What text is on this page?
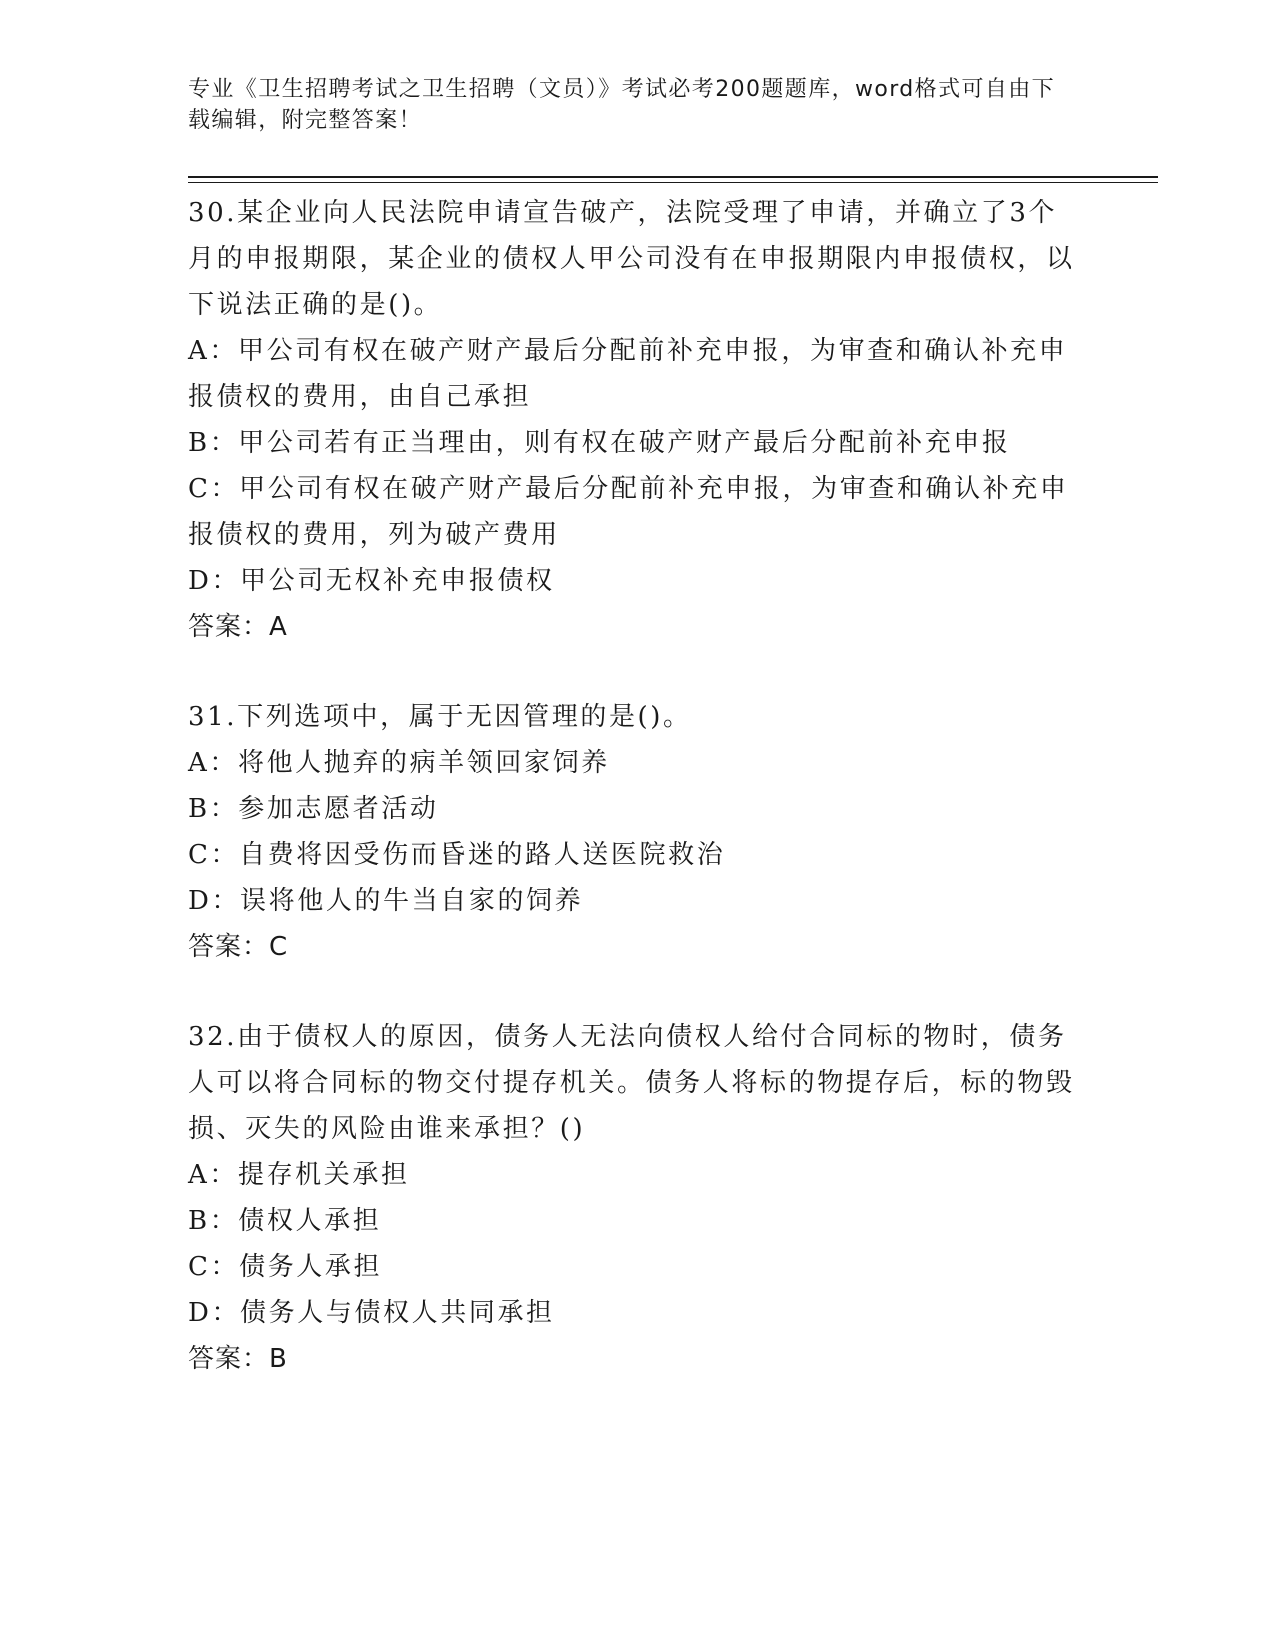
专业《卫生招聘考试之卫生招聘（文员）》考试必考200题题库，word格式可自由下载编辑，附完整答案！

30.某企业向人民法院申请宣告破产，法院受理了申请，并确立了3个月的申报期限，某企业的债权人甲公司没有在申报期限内申报债权，以下说法正确的是()。

A：甲公司有权在破产财产最后分配前补充申报，为审查和确认补充申报债权的费用，由自己承担

B：甲公司若有正当理由，则有权在破产财产最后分配前补充申报

C：甲公司有权在破产财产最后分配前补充申报，为审查和确认补充申报债权的费用，列为破产费用

D：甲公司无权补充申报债权

答案：A

31.下列选项中，属于无因管理的是()。

A：将他人抛弃的病羊领回家饲养

B：参加志愿者活动

C：自费将因受伤而昏迷的路人送医院救治

D：误将他人的牛当自家的饲养

答案：C

32.由于债权人的原因，债务人无法向债权人给付合同标的物时，债务人可以将合同标的物交付提存机关。债务人将标的物提存后，标的物毁损、灭失的风险由谁来承担？()

A：提存机关承担

B：债权人承担

C：债务人承担

D：债务人与债权人共同承担

答案：B
